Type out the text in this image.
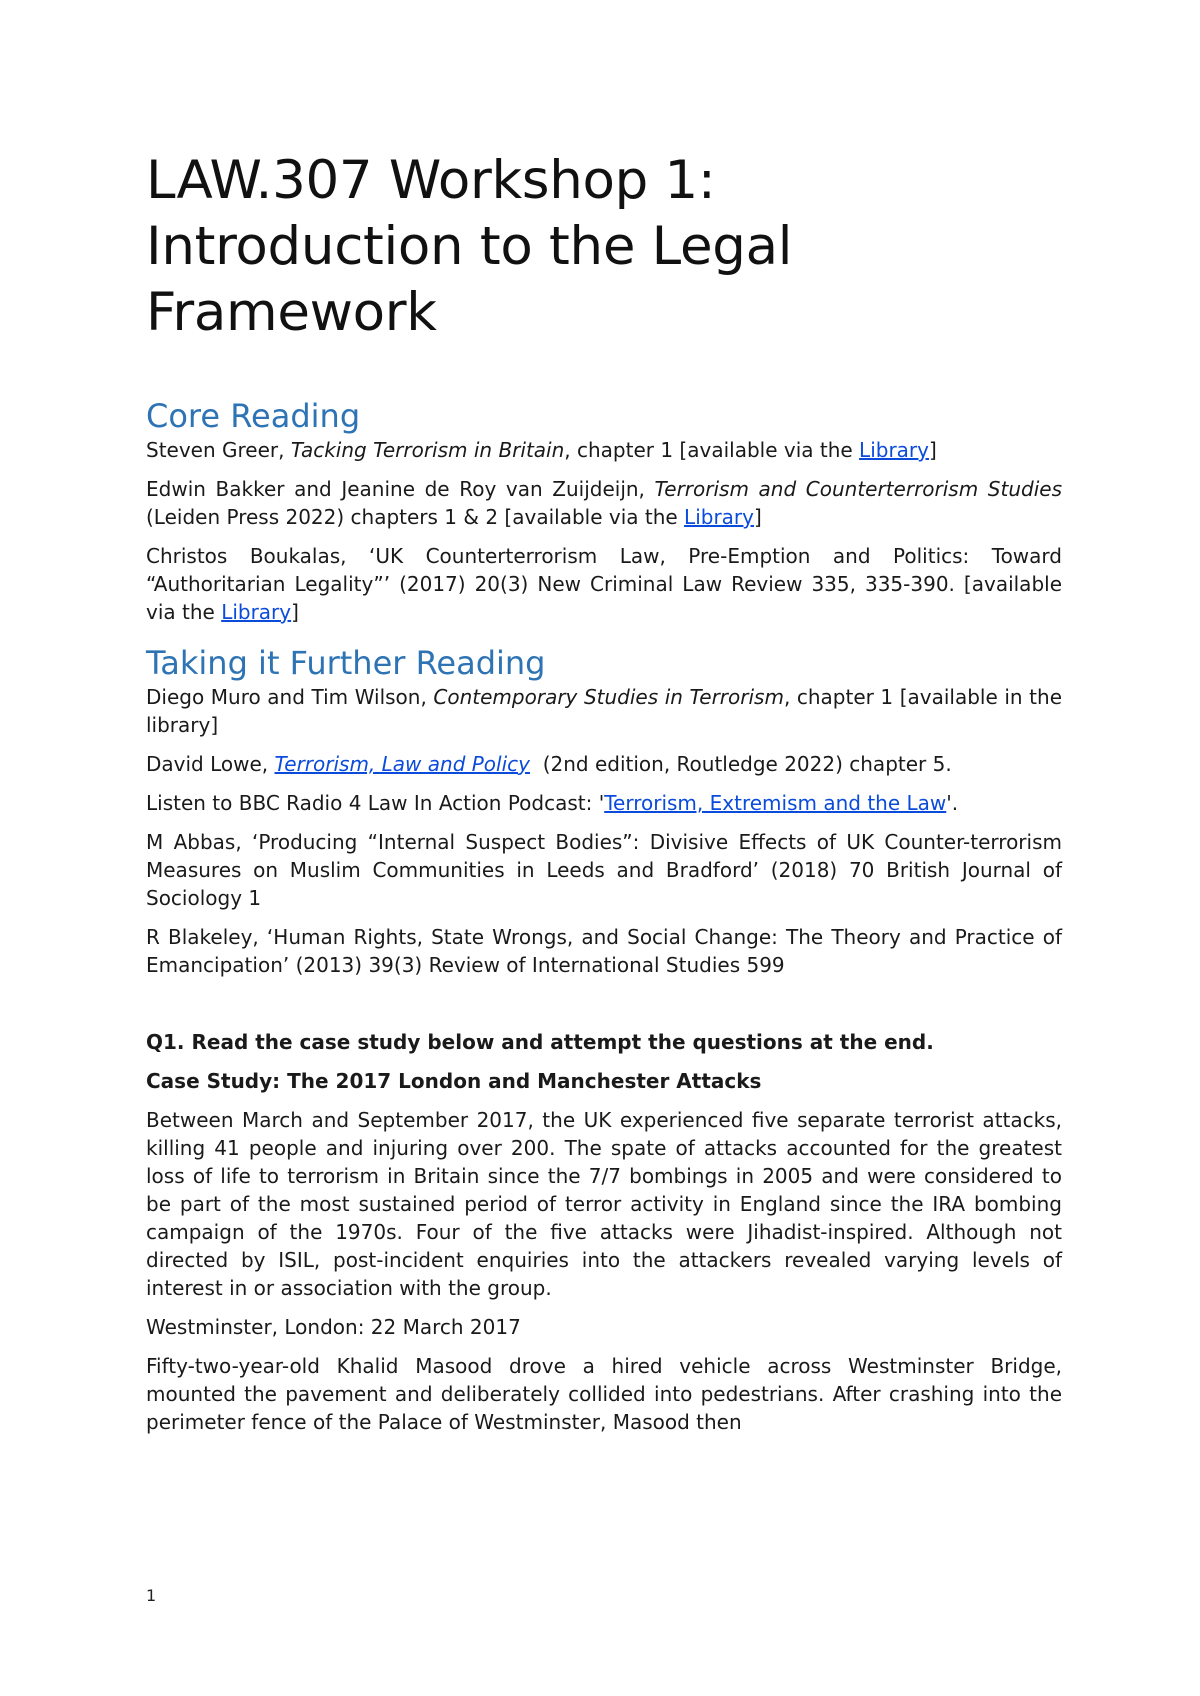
LAW.307 Workshop 1:
Introduction to the Legal
Framework
Core Reading

Steven Greer, Tacking Terrorism in Britain, chapter 1 [available via the Library]

Edwin Bakker and Jeanine de Roy van Zuijdeijn, Terrorism and Counterterrorism Studies (Leiden Press 2022) chapters 1 & 2 [available via the Library]

Christos Boukalas, ‘UK Counterterrorism Law, Pre-Emption and Politics: Toward “Authoritarian Legality”’ (2017) 20(3) New Criminal Law Review 335, 335-390. [available via the Library]

Taking it Further Reading

Diego Muro and Tim Wilson, Contemporary Studies in Terrorism, chapter 1 [available in the library]

David Lowe, Terrorism, Law and Policy  (2nd edition, Routledge 2022) chapter 5.

Listen to BBC Radio 4 Law In Action Podcast: 'Terrorism, Extremism and the Law'.

M Abbas, ‘Producing “Internal Suspect Bodies”: Divisive Effects of UK Counter-terrorism Measures on Muslim Communities in Leeds and Bradford’ (2018) 70 British Journal of Sociology 1

R Blakeley, ‘Human Rights, State Wrongs, and Social Change: The Theory and Practice of Emancipation’ (2013) 39(3) Review of International Studies 599

Q1. Read the case study below and attempt the questions at the end.

Case Study: The 2017 London and Manchester Attacks

Between March and September 2017, the UK experienced five separate terrorist attacks, killing 41 people and injuring over 200. The spate of attacks accounted for the greatest loss of life to terrorism in Britain since the 7/7 bombings in 2005 and were considered to be part of the most sustained period of terror activity in England since the IRA bombing campaign of the 1970s. Four of the five attacks were Jihadist-inspired. Although not directed by ISIL, post-incident enquiries into the attackers revealed varying levels of interest in or association with the group.

Westminster, London: 22 March 2017

Fifty-two-year-old Khalid Masood drove a hired vehicle across Westminster Bridge, mounted the pavement and deliberately collided into pedestrians. After crashing into the perimeter fence of the Palace of Westminster, Masood then

1
